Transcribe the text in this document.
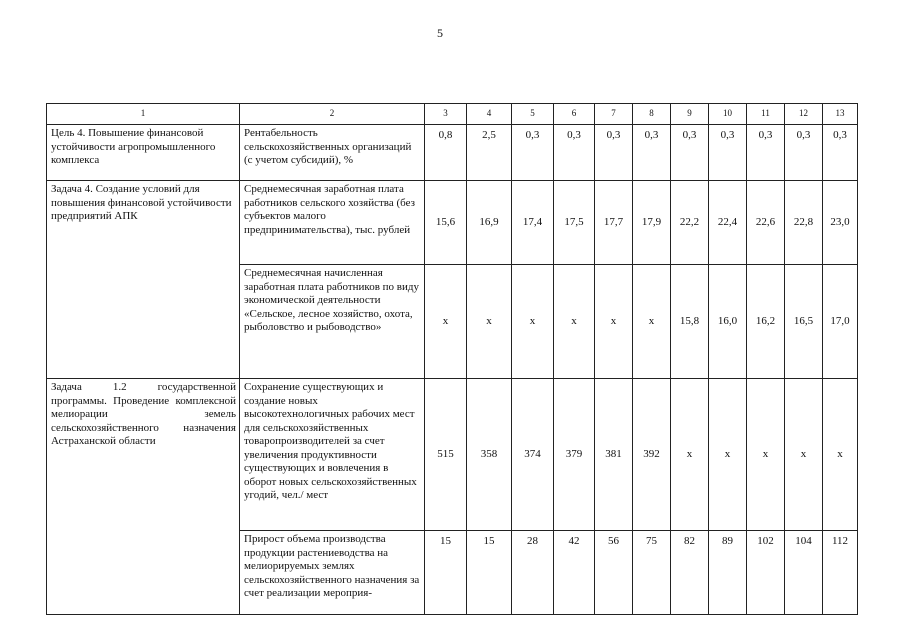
5
1	2	3	4	5	6	7	8	9	10	11	12	13
Цель 4. Повышение финансовой устойчивости агропромышленного комплекса	Рентабельность сельскохозяйственных организаций (с учетом субсидий), %	0,8	2,5	0,3	0,3	0,3	0,3	0,3	0,3	0,3	0,3	0,3
Задача 4. Создание условий для повышения финансовой устойчивости предприятий АПК	Среднемесячная заработная плата работников сельского хозяйства (без субъектов малого предпринимательства), тыс. рублей	15,6	16,9	17,4	17,5	17,7	17,9	22,2	22,4	22,6	22,8	23,0
	Среднемесячная начисленная заработная плата работников по виду экономической деятельности «Сельское, лесное хозяйство, охота, рыболовство и рыбоводство»	x	x	x	x	x	x	15,8	16,0	16,2	16,5	17,0
Задача 1.2 государственной программы. Проведение комплексной мелиорации земель сельскохозяйственного назначения Астраханской области	Сохранение существующих и создание новых высокотехнологичных рабочих мест для сельскохозяйственных товаропроизводителей за счет увеличения продуктивности существующих и вовлечения в оборот новых сельскохозяйственных угодий, чел./ мест	515	358	374	379	381	392	x	x	x	x	x
	Прирост объема производства продукции растениеводства на мелиорируемых землях сельскохозяйственного назначения за счет реализации мероприя-	15	15	28	42	56	75	82	89	102	104	112
